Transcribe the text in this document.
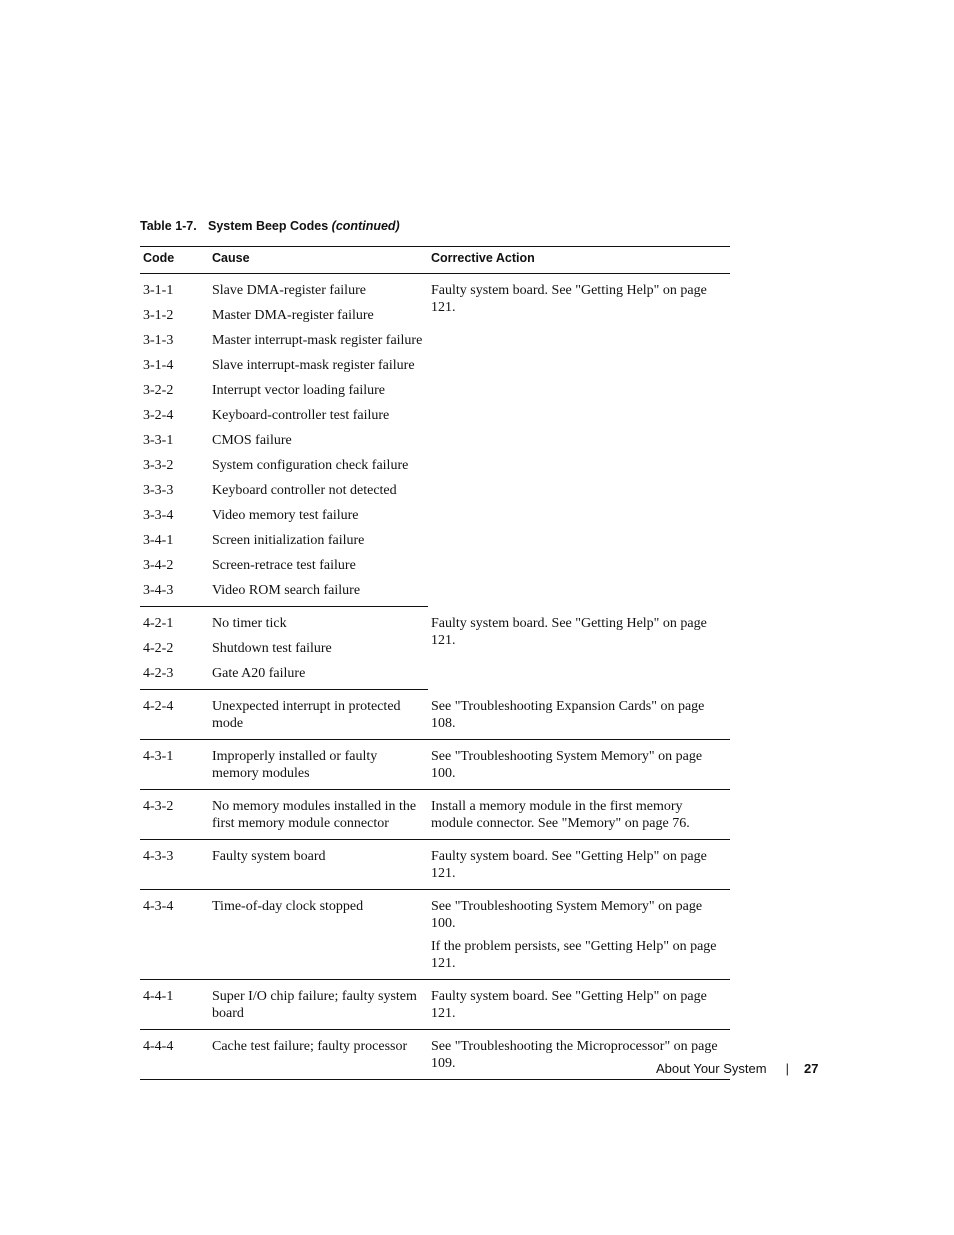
Table 1-7. System Beep Codes (continued)
Code	Cause	Corrective Action
3-1-1	Slave DMA-register failure	Faulty system board. See "Getting Help" on page 121.

3-1-2	Master DMA-register failure	
3-1-3	Master interrupt-mask register failure	
3-1-4	Slave interrupt-mask register failure	
3-2-2	Interrupt vector loading failure	
3-2-4	Keyboard-controller test failure	
3-3-1	CMOS failure	
3-3-2	System configuration check failure	
3-3-3	Keyboard controller not detected	
3-3-4	Video memory test failure	
3-4-1	Screen initialization failure	
3-4-2	Screen-retrace test failure	
3-4-3	Video ROM search failure	
4-2-1	No timer tick	Faulty system board. See "Getting Help" on page 121.

4-2-2	Shutdown test failure	
4-2-3	Gate A20 failure	
4-2-4	Unexpected interrupt in protected mode	See "Troubleshooting Expansion Cards" on page 108.

4-3-1	Improperly installed or faulty memory modules	See "Troubleshooting System Memory" on page 100.

4-3-2	No memory modules installed in the first memory module connector	Install a memory module in the first memory module connector. See "Memory" on page 76.

4-3-3	Faulty system board	Faulty system board. See "Getting Help" on page 121.

4-3-4	Time-of-day clock stopped	See "Troubleshooting System Memory" on page 100.

If the problem persists, see "Getting Help" on page 121.

4-4-1	Super I/O chip failure; faulty system board	Faulty system board. See "Getting Help" on page 121.

4-4-4	Cache test failure; faulty processor	See "Troubleshooting the Microprocessor" on page 109.	About Your System | 27
